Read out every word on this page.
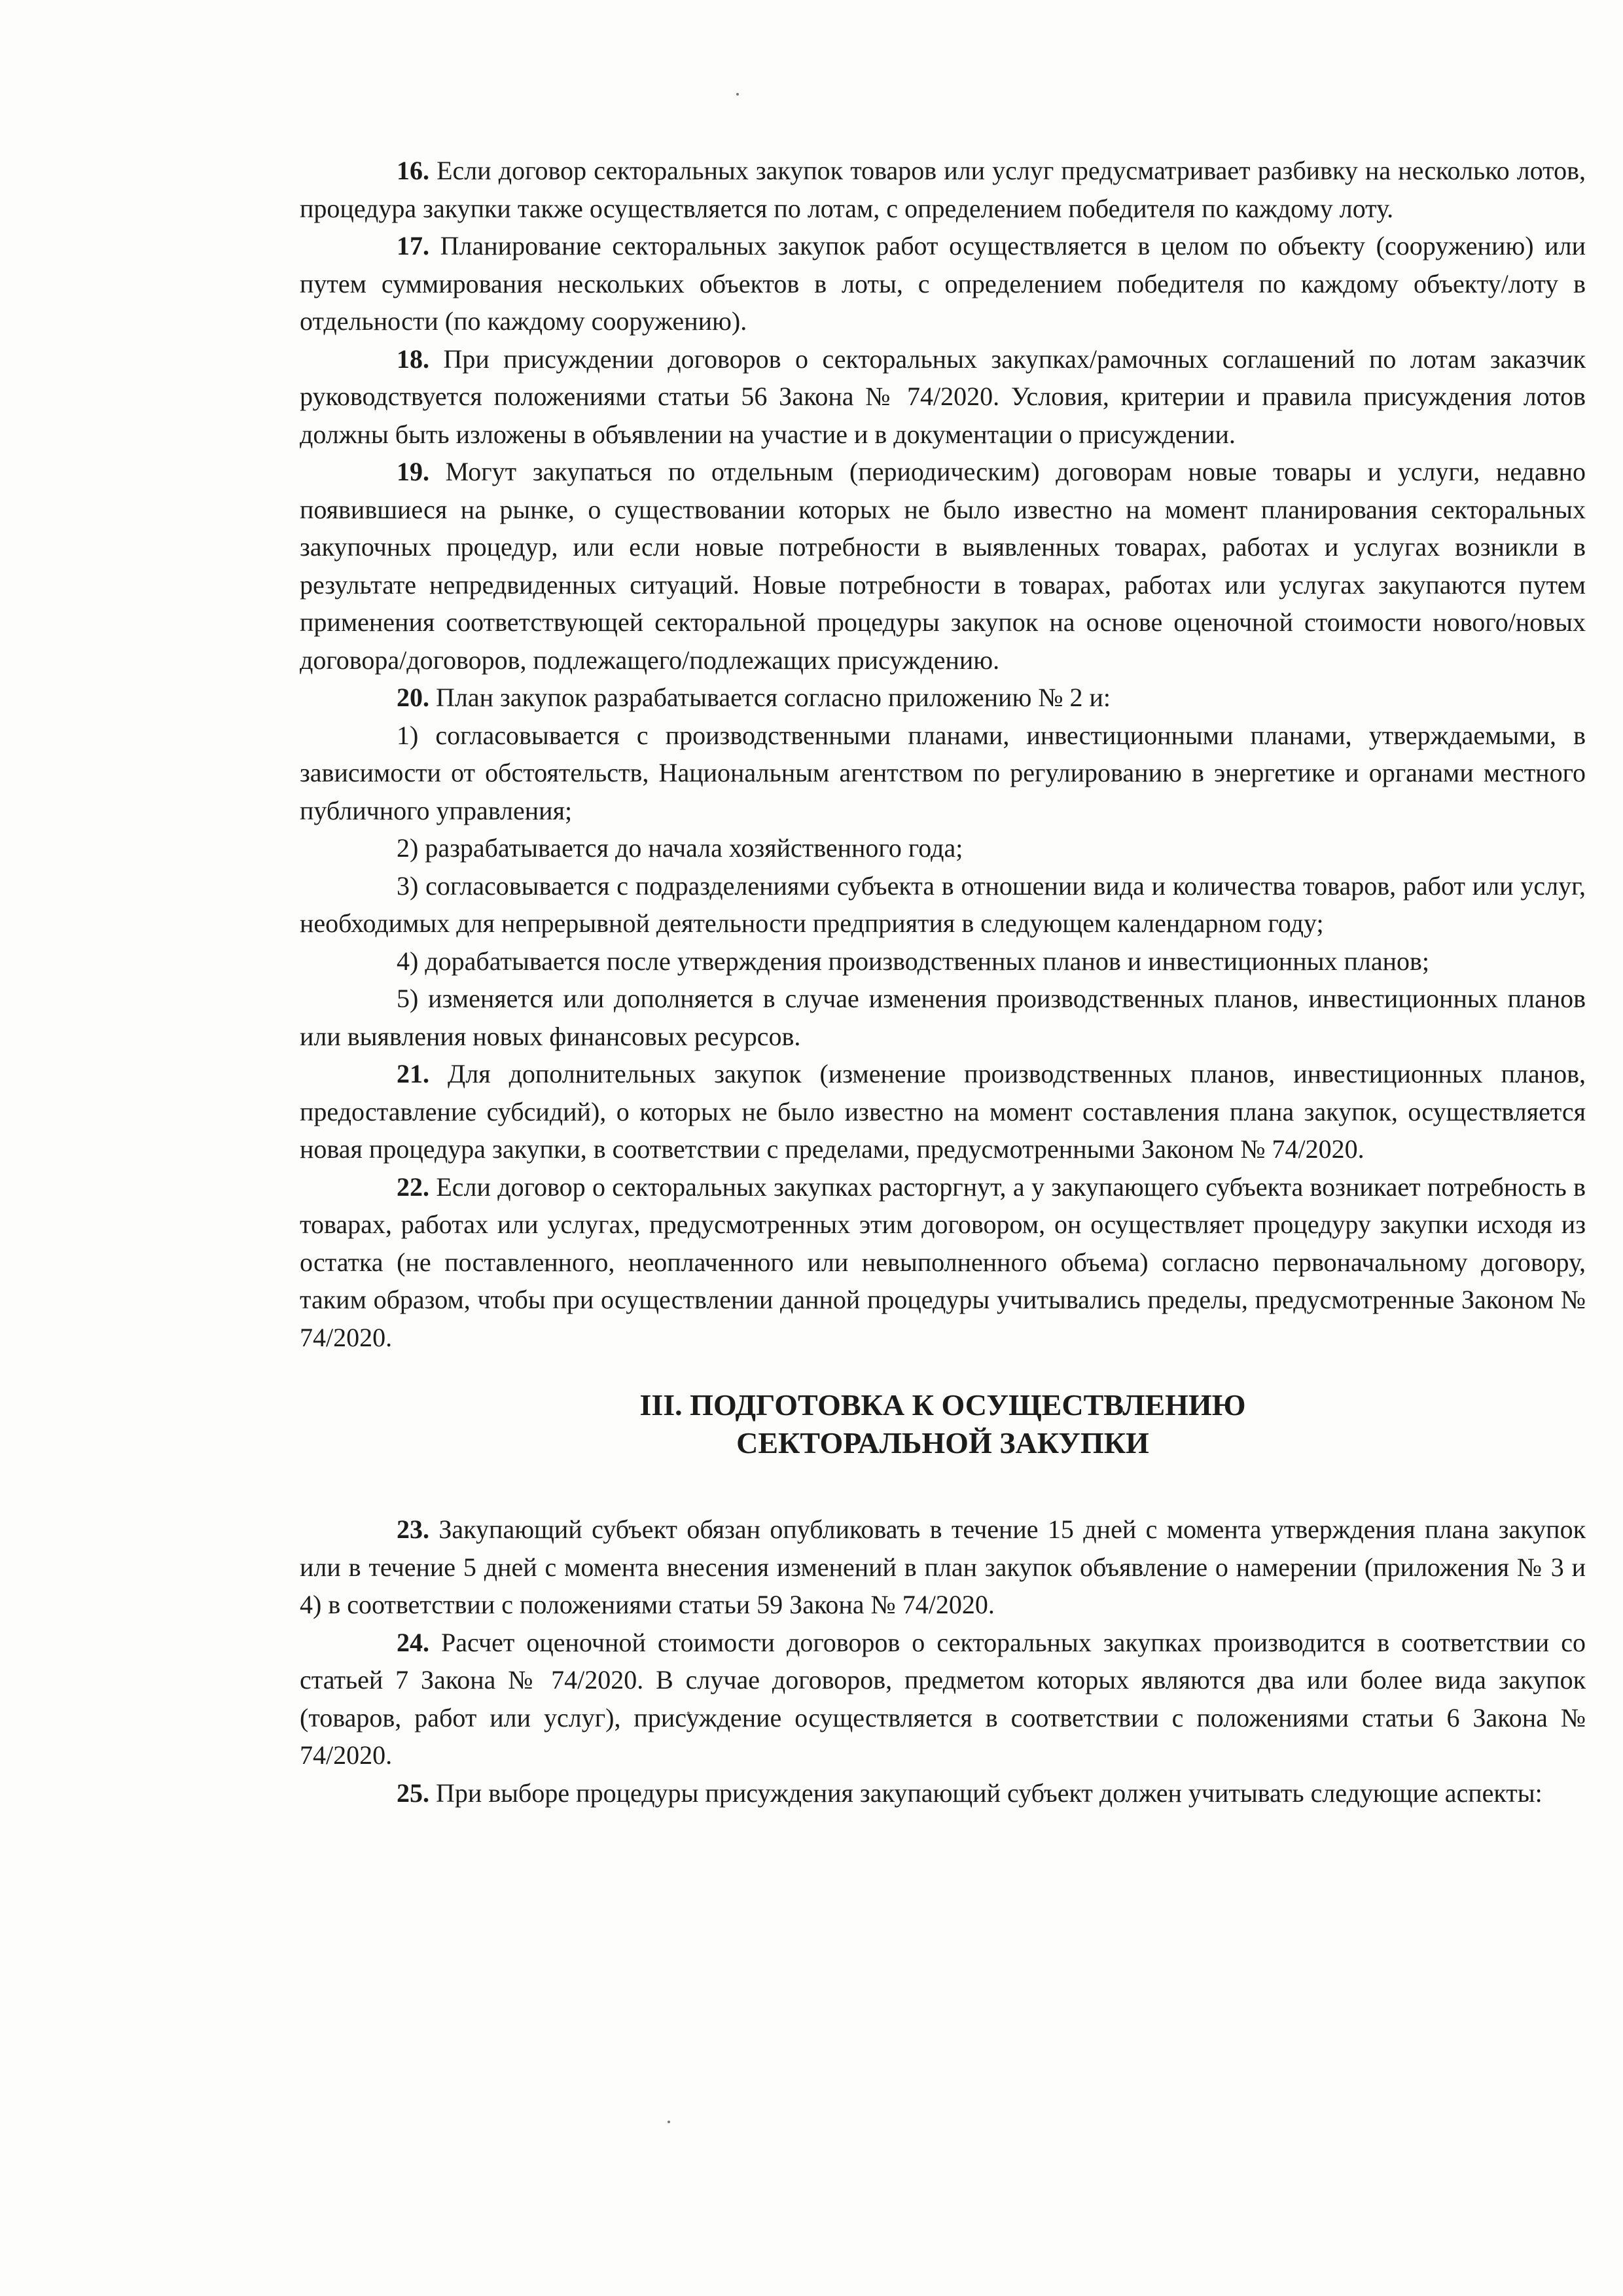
16. Если договор секторальных закупок товаров или услуг предусматривает разбивку на несколько лотов, процедура закупки также осуществляется по лотам, с определением победителя по каждому лоту.

17. Планирование секторальных закупок работ осуществляется в целом по объекту (сооружению) или путем суммирования нескольких объектов в лоты, с определением победителя по каждому объекту/лоту в отдельности (по каждому сооружению).

18. При присуждении договоров о секторальных закупках/рамочных соглашений по лотам заказчик руководствуется положениями статьи 56 Закона № 74/2020. Условия, критерии и правила присуждения лотов должны быть изложены в объявлении на участие и в документации о присуждении.

19. Могут закупаться по отдельным (периодическим) договорам новые товары и услуги, недавно появившиеся на рынке, о существовании которых не было известно на момент планирования секторальных закупочных процедур, или если новые потребности в выявленных товарах, работах и услугах возникли в результате непредвиденных ситуаций. Новые потребности в товарах, работах или услугах закупаются путем применения соответствующей секторальной процедуры закупок на основе оценочной стоимости нового/новых договора/договоров, подлежащего/подлежащих присуждению.

20. План закупок разрабатывается согласно приложению № 2 и:

1) согласовывается с производственными планами, инвестиционными планами, утверждаемыми, в зависимости от обстоятельств, Национальным агентством по регулированию в энергетике и органами местного публичного управления;

2) разрабатывается до начала хозяйственного года;

3) согласовывается с подразделениями субъекта в отношении вида и количества товаров, работ или услуг, необходимых для непрерывной деятельности предприятия в следующем календарном году;

4) дорабатывается после утверждения производственных планов и инвестиционных планов;

5) изменяется или дополняется в случае изменения производственных планов, инвестиционных планов или выявления новых финансовых ресурсов.

21. Для дополнительных закупок (изменение производственных планов, инвестиционных планов, предоставление субсидий), о которых не было известно на момент составления плана закупок, осуществляется новая процедура закупки, в соответствии с пределами, предусмотренными Законом № 74/2020.

22. Если договор о секторальных закупках расторгнут, а у закупающего субъекта возникает потребность в товарах, работах или услугах, предусмотренных этим договором, он осуществляет процедуру закупки исходя из остатка (не поставленного, неоплаченного или невыполненного объема) согласно первоначальному договору, таким образом, чтобы при осуществлении данной процедуры учитывались пределы, предусмотренные Законом № 74/2020.

III. ПОДГОТОВКА К ОСУЩЕСТВЛЕНИЮ
СЕКТОРАЛЬНОЙ ЗАКУПКИ

23. Закупающий субъект обязан опубликовать в течение 15 дней с момента утверждения плана закупок или в течение 5 дней с момента внесения изменений в план закупок объявление о намерении (приложения № 3 и 4) в соответствии с положениями статьи 59 Закона № 74/2020.

24. Расчет оценочной стоимости договоров о секторальных закупках производится в соответствии со статьей 7 Закона № 74/2020. В случае договоров, предметом которых являются два или более вида закупок (товаров, работ или услуг), присуждение осуществляется в соответствии с положениями статьи 6 Закона № 74/2020.

25. При выборе процедуры присуждения закупающий субъект должен учитывать следующие аспекты:
